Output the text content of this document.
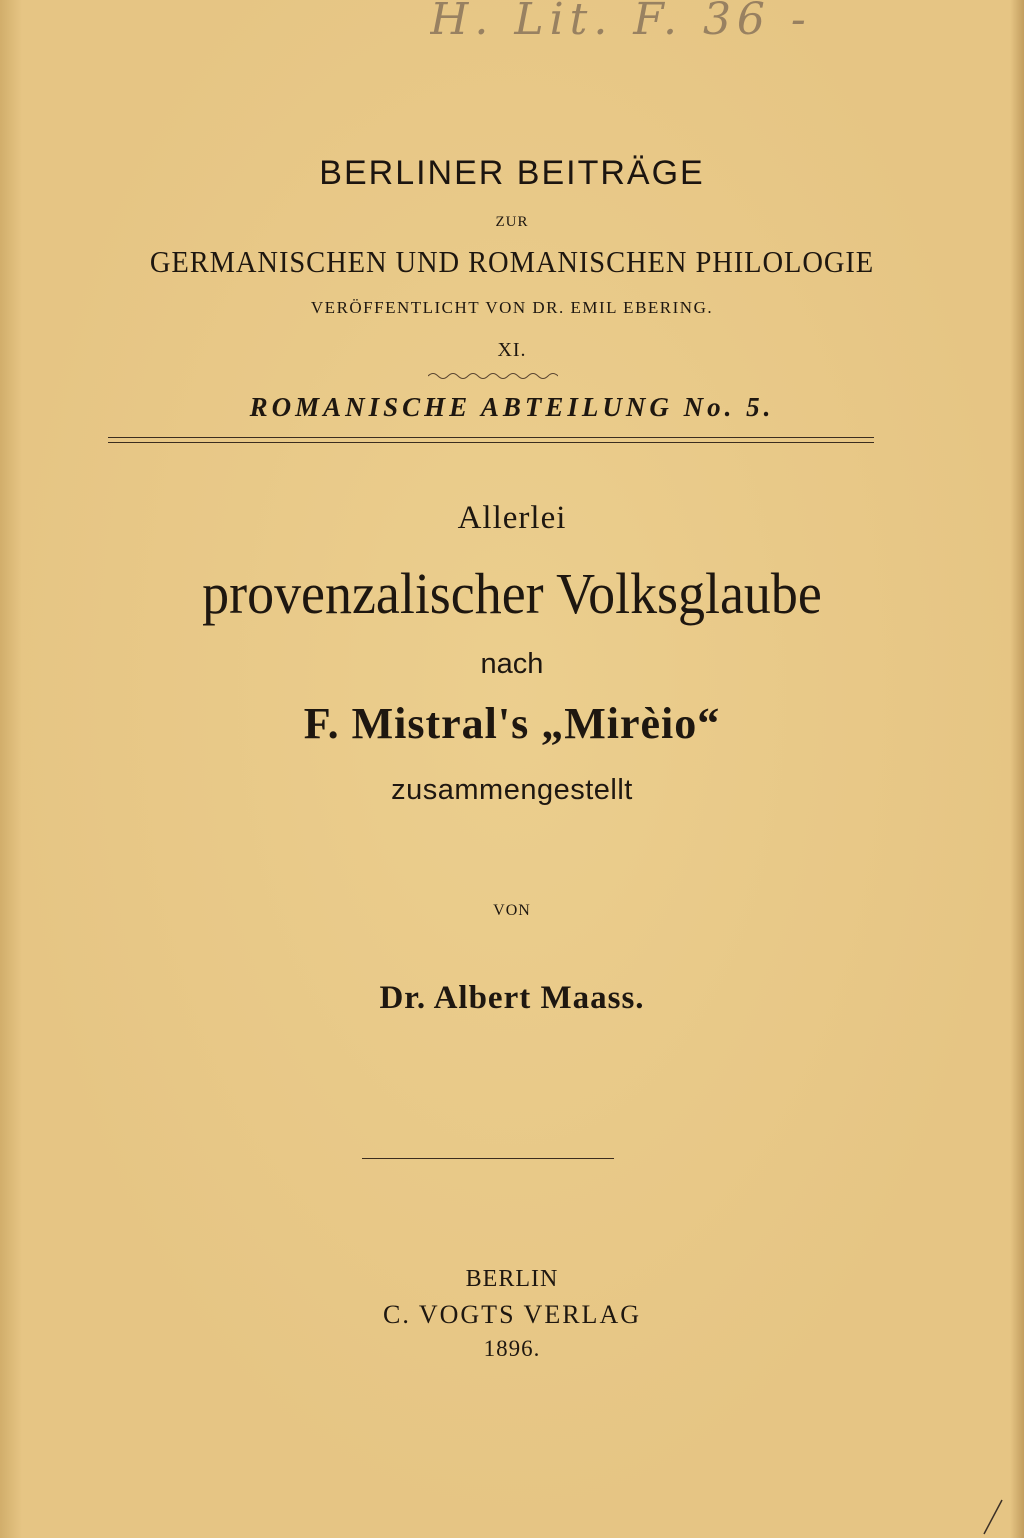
H. Lit. F. 36 -
BERLINER BEITRÄGE
ZUR
GERMANISCHEN UND ROMANISCHEN PHILOLOGIE
VERÖFFENTLICHT VON DR. EMIL EBERING.
XI.
ROMANISCHE ABTEILUNG No. 5.
Allerlei
provenzalischer Volksglaube
nach
F. Mistral's „Mirèio“
zusammengestellt
VON
Dr. Albert Maass.
BERLIN
C. VOGTS VERLAG
1896.
